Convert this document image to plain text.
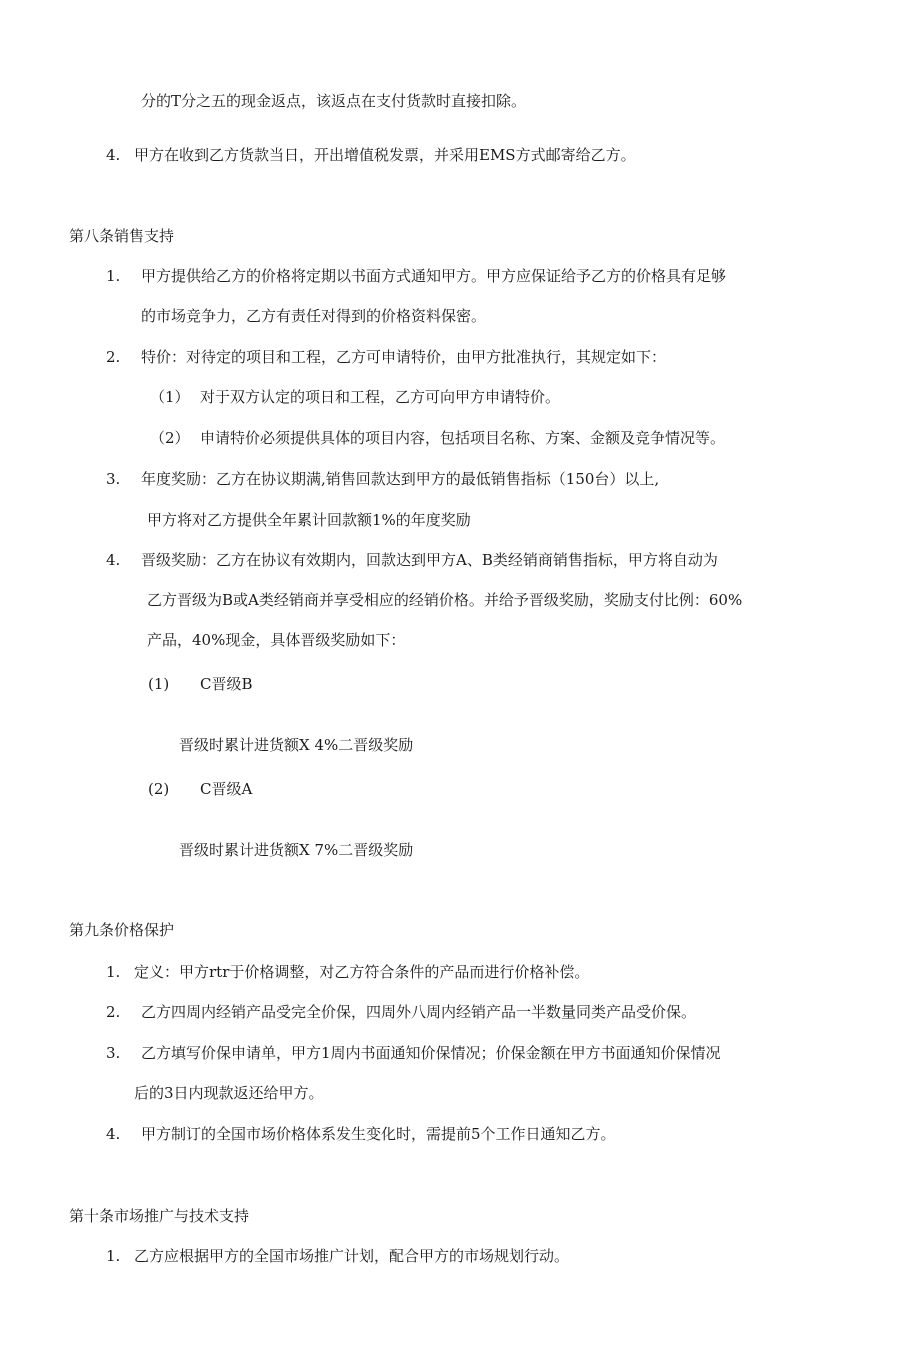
分的T分之五的现金返点，该返点在支付货款时直接扣除。
4. 甲方在收到乙方货款当日，开出增值税发票，并采用EMS方式邮寄给乙方。
第八条销售支持
1. 甲方提供给乙方的价格将定期以书面方式通知甲方。甲方应保证给予乙方的价格具有足够
的市场竞争力，乙方有责任对得到的价格资料保密。
2. 特价：对待定的项目和工程，乙方可申请特价，由甲方批准执行，其规定如下：
（1） 对于双方认定的项日和工程，乙方可向甲方申请特价。
（2） 申请特价必须提供具体的项目内容，包括项目名称、方案、金额及竞争情况等。
3. 年度奖励：乙方在协议期满,销售回款达到甲方的最低销售指标（150台）以上,
甲方将对乙方提供全年累计回款额1%的年度奖励
4. 晋级奖励：乙方在协议有效期内，回款达到甲方A、B类经销商销售指标，甲方将自动为
乙方晋级为B或A类经销商并享受相应的经销价格。并给予晋级奖励，奖励支付比例：60%
产品，40%现金，具体晋级奖励如下：
(1) C晋级B
晋级时累计进货额X 4%二晋级奖励
(2) C晋级A
晋级时累计进货额X 7%二晋级奖励
第九条价格保护
1. 定义：甲方rtr于价格调整，对乙方符合条件的产品而进行价格补偿。
2. 乙方四周内经销产品受完全价保，四周外八周内经销产品一半数量同类产品受价保。
3. 乙方填写价保申请单，甲方1周内书面通知价保情况；价保金额在甲方书面通知价保情况
后的3日内现款返还给甲方。
4. 甲方制订的全国市场价格体系发生变化时，需提前5个工作日通知乙方。
第十条市场推广与技术支持
1. 乙方应根据甲方的全国市场推广计划，配合甲方的市场规划行动。
